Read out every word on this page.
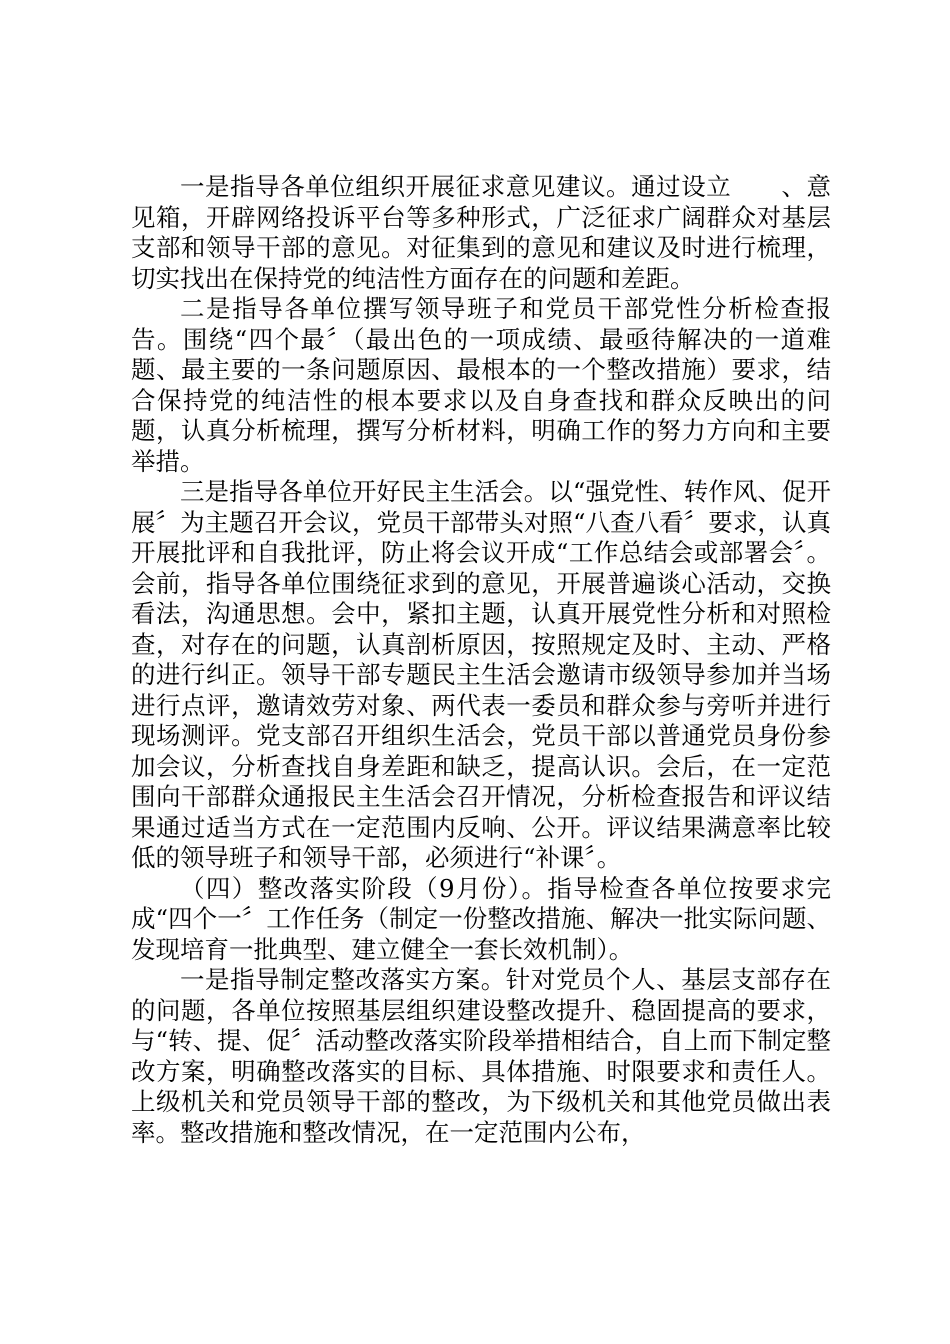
一是指导各单位组织开展征求意见建议。通过设立　　、意见箱，开辟网络投诉平台等多种形式，广泛征求广阔群众对基层支部和领导干部的意见。对征集到的意见和建议及时进行梳理，切实找出在保持党的纯洁性方面存在的问题和差距。

二是指导各单位撰写领导班子和党员干部党性分析检查报告。围绕“四个最〞（最出色的一项成绩、最亟待解决的一道难题、最主要的一条问题原因、最根本的一个整改措施）要求，结合保持党的纯洁性的根本要求以及自身查找和群众反映出的问题，认真分析梳理，撰写分析材料，明确工作的努力方向和主要举措。

三是指导各单位开好民主生活会。以“强党性、转作风、促开展〞为主题召开会议，党员干部带头对照“八查八看〞要求，认真开展批评和自我批评，防止将会议开成“工作总结会或部署会〞。会前，指导各单位围绕征求到的意见，开展普遍谈心活动，交换看法，沟通思想。会中，紧扣主题，认真开展党性分析和对照检查，对存在的问题，认真剖析原因，按照规定及时、主动、严格的进行纠正。领导干部专题民主生活会邀请市级领导参加并当场进行点评，邀请效劳对象、两代表一委员和群众参与旁听并进行现场测评。党支部召开组织生活会，党员干部以普通党员身份参加会议，分析查找自身差距和缺乏，提高认识。会后，在一定范围向干部群众通报民主生活会召开情况，分析检查报告和评议结果通过适当方式在一定范围内反响、公开。评议结果满意率比较低的领导班子和领导干部，必须进行“补课〞。

（四）整改落实阶段（9月份）。指导检查各单位按要求完成“四个一〞工作任务（制定一份整改措施、解决一批实际问题、发现培育一批典型、建立健全一套长效机制）。

一是指导制定整改落实方案。针对党员个人、基层支部存在的问题，各单位按照基层组织建设整改提升、稳固提高的要求，与“转、提、促〞活动整改落实阶段举措相结合，自上而下制定整改方案，明确整改落实的目标、具体措施、时限要求和责任人。上级机关和党员领导干部的整改，为下级机关和其他党员做出表率。整改措施和整改情况，在一定范围内公布，
